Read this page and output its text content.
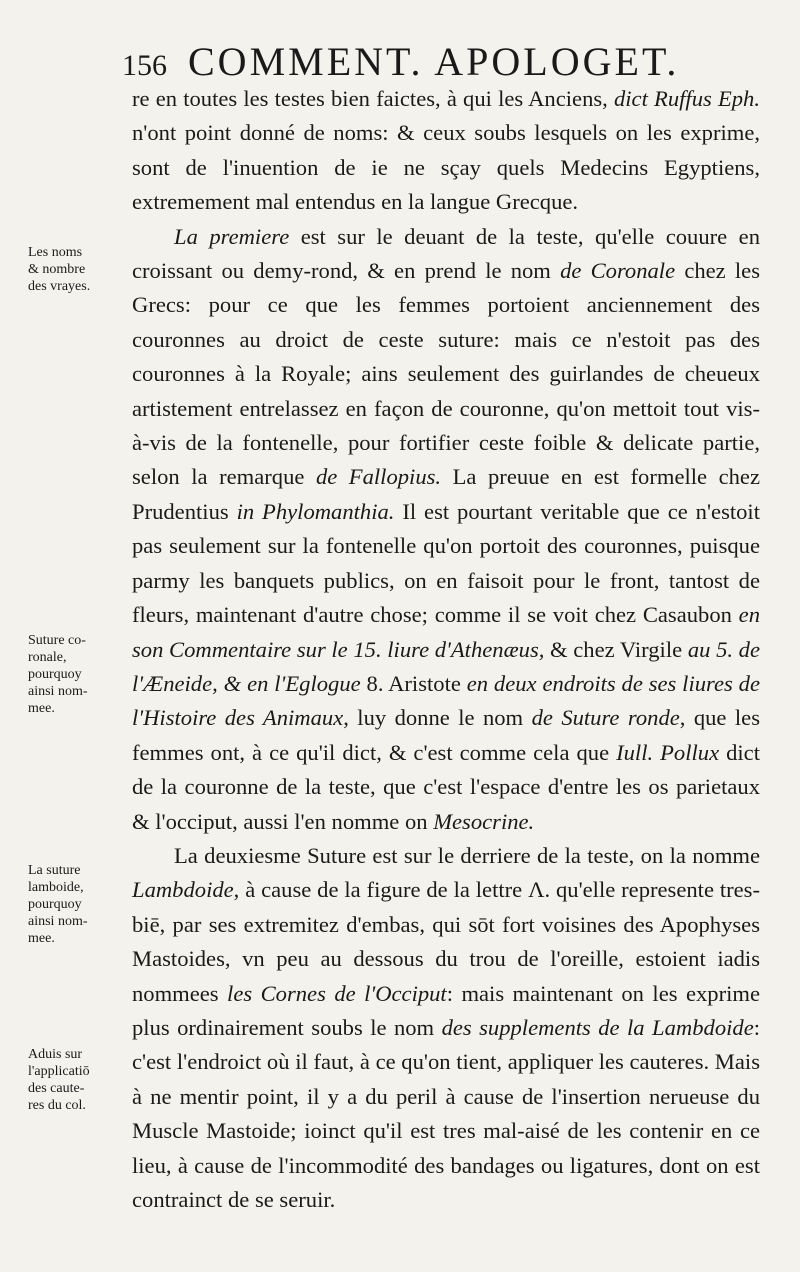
156 COMMENT. APOLOGET.

re en toutes les testes bien faictes, à qui les Anciens, dict Ruffus Eph. n'ont point donné de noms: & ceux soubs lesquels on les exprime, sont de l'inuention de ie ne sçay quels Medecins Egyptiens, extremement mal entendus en la langue Grecque.

La premiere est sur le deuant de la teste, qu'elle couure en croissant ou demy-rond, & en prend le nom de Coronale chez les Grecs: pour ce que les femmes portoient anciennement des couronnes au droict de ceste suture: mais ce n'estoit pas des couronnes à la Royale; ains seulement des guirlandes de cheueux artistement entrelassez en façon de couronne, qu'on mettoit tout vis-à-vis de la fontenelle, pour fortifier ceste foible & delicate partie, selon la remarque de Fallopius. La preuue en est formelle chez Prudentius in Phylomanthia. Il est pourtant veritable que ce n'estoit pas seulement sur la fontenelle qu'on portoit des couronnes, puisque parmy les banquets publics, on en faisoit pour le front, tantost de fleurs, maintenant d'autre chose; comme il se voit chez Casaubon en son Commentaire sur le 15. liure d'Athenæus, & chez Virgile au 5. de l'Æneide, & en l'Eglogue 8. Aristote en deux endroits de ses liures de l'Histoire des Animaux, luy donne le nom de Suture ronde, que les femmes ont, à ce qu'il dict, & c'est comme cela que Iull. Pollux dict de la couronne de la teste, que c'est l'espace d'entre les os parietaux & l'occiput, aussi l'en nomme on Mesocrine.

La deuxiesme Suture est sur le derriere de la teste, on la nomme Lambdoide, à cause de la figure de la lettre Λ. qu'elle represente tres-biē, par ses extremitez d'embas, qui sōt fort voisines des Apophyses Mastoides, vn peu au dessous du trou de l'oreille, estoient iadis nommees les Cornes de l'Occiput: mais maintenant on les exprime plus ordinairement soubs le nom des supplements de la Lambdoide: c'est l'endroict où il faut, à ce qu'on tient, appliquer les cauteres. Mais à ne mentir point, il y a du peril à cause de l'insertion nerueuse du Muscle Mastoide; ioinct qu'il est tres mal-aisé de les contenir en ce lieu, à cause de l'incommodité des bandages ou ligatures, dont on est contrainct de se seruir.

Les noms
& nombre
des vrayes.
Suture co-
ronale,
pourquoy
ainsi nom-
mee.
La suture
lamboide,
pourquoy
ainsi nom-
mee.
Aduis sur
l'applicatiō
des caute-
res du col.
